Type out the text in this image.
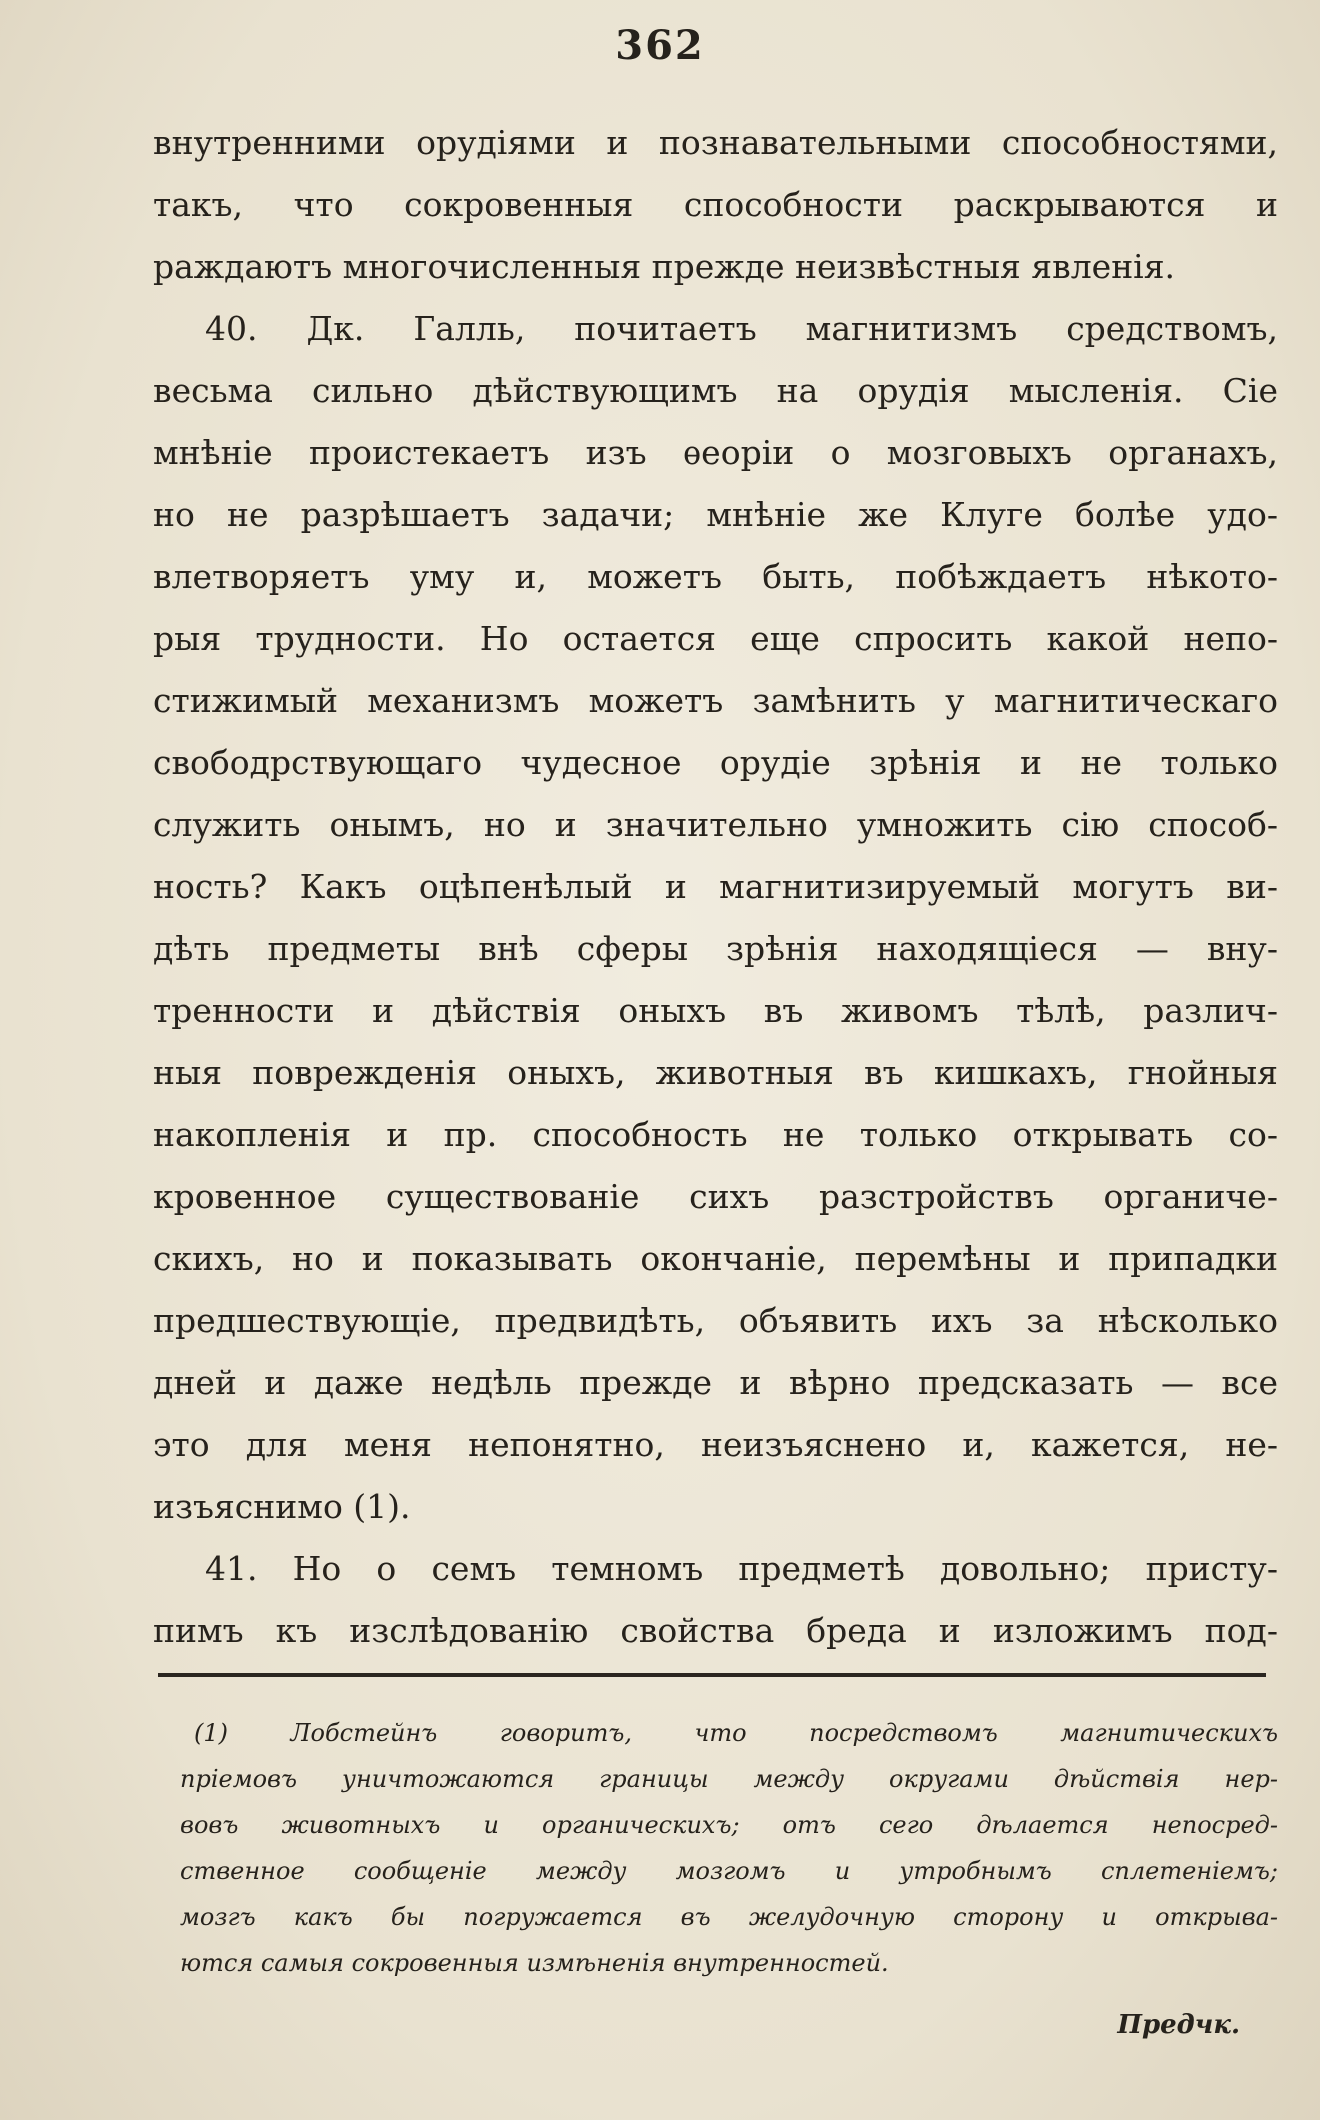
362
внутренними орудіями и познавательными способностями,
такъ, что сокровенныя способности раскрываются и
раждаютъ многочисленныя прежде неизвѣстныя явленія.
40. Дк. Галль, почитаетъ магнитизмъ средствомъ,
весьма сильно дѣйствующимъ на орудія мысленія. Сіе
мнѣніе проистекаетъ изъ ѳеоріи о мозговыхъ органахъ,
но не разрѣшаетъ задачи; мнѣніе же Клуге болѣе удо-
влетворяетъ уму и, можетъ быть, побѣждаетъ нѣкото-
рыя трудности. Но остается еще спросить какой непо-
стижимый механизмъ можетъ замѣнить у магнитическаго
свободрствующаго чудесное орудіе зрѣнія и не только
служить онымъ, но и значительно умножить сію способ-
ность? Какъ оцѣпенѣлый и магнитизируемый могутъ ви-
дѣть предметы внѣ сферы зрѣнія находящіеся — вну-
тренности и дѣйствія оныхъ въ живомъ тѣлѣ, различ-
ныя поврежденія оныхъ, животныя въ кишкахъ, гнойныя
накопленія и пр. способность не только открывать со-
кровенное существованіе сихъ разстройствъ органиче-
скихъ, но и показывать окончаніе, перемѣны и припадки
предшествующіе, предвидѣть, объявить ихъ за нѣсколько
дней и даже недѣль прежде и вѣрно предсказать — все
это для меня непонятно, неизъяснено и, кажется, не-
изъяснимо (1).
41. Но о семъ темномъ предметѣ довольно; присту-
пимъ къ изслѣдованію свойства бреда и изложимъ под-
(1) Лобстейнъ говоритъ, что посредствомъ магнитическихъ
пріемовъ уничтожаются границы между округами дѣйствія нер-
вовъ животныхъ и органическихъ; отъ сего дѣлается непосред-
ственное сообщеніе между мозгомъ и утробнымъ сплетеніемъ;
мозгъ какъ бы погружается въ желудочную сторону и открыва-
ются самыя сокровенныя измѣненія внутренностей.
Предчк.
